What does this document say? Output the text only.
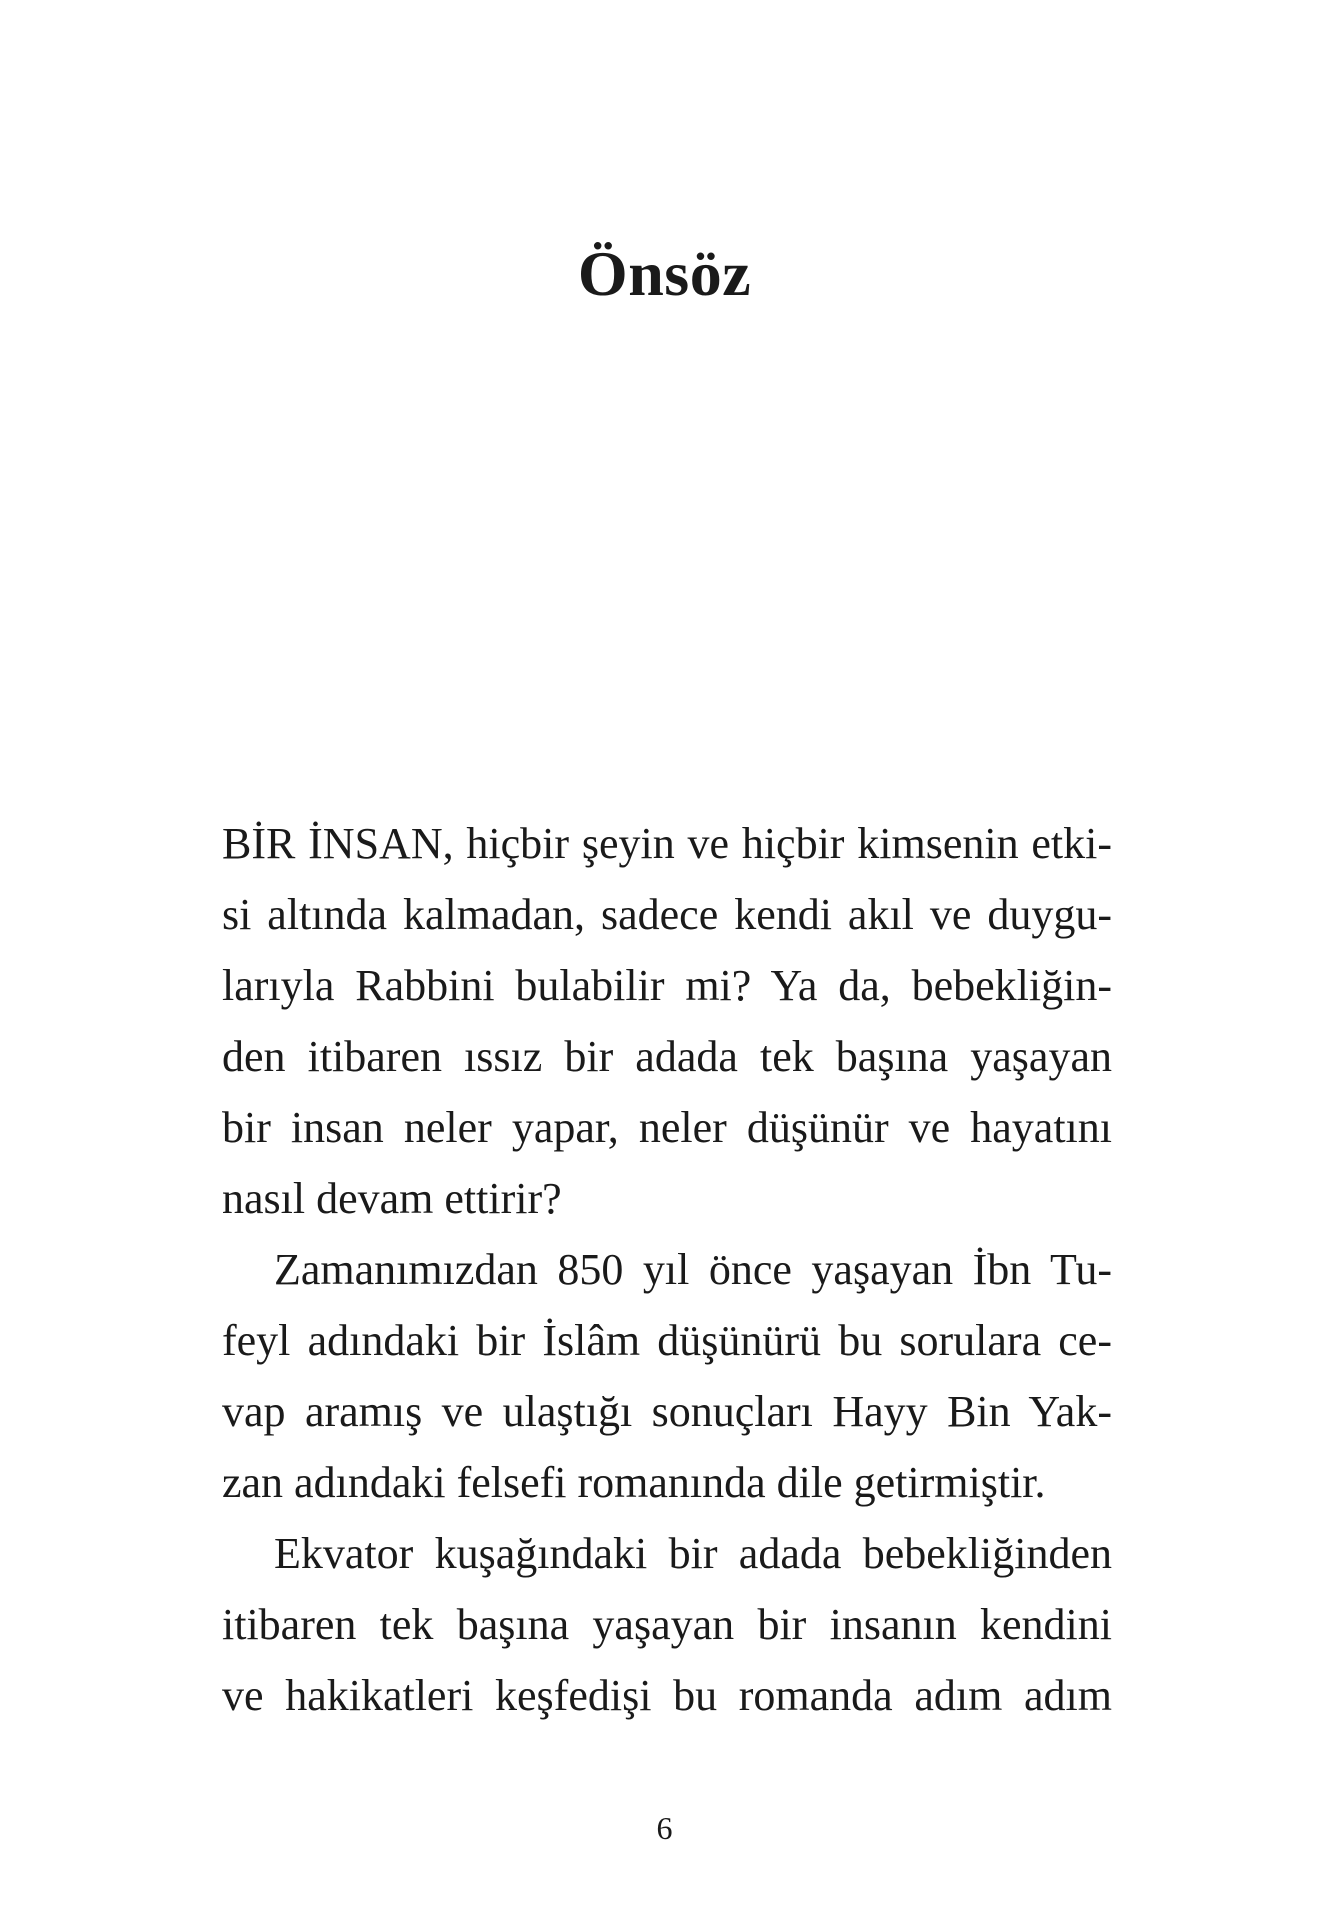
Önsöz
BİR İNSAN, hiçbir şeyin ve hiçbir kimsenin etki-
si altında kalmadan, sadece kendi akıl ve duygu-
larıyla Rabbini bulabilir mi? Ya da, bebekliğin-
den itibaren ıssız bir adada tek başına yaşayan
bir insan neler yapar, neler düşünür ve hayatını
nasıl devam ettirir?
Zamanımızdan 850 yıl önce yaşayan İbn Tu-
feyl adındaki bir İslâm düşünürü bu sorulara ce-
vap aramış ve ulaştığı sonuçları Hayy Bin Yak-
zan adındaki felsefi romanında dile getirmiştir.
Ekvator kuşağındaki bir adada bebekliğinden
itibaren tek başına yaşayan bir insanın kendini
ve hakikatleri keşfedişi bu romanda adım adım
6
